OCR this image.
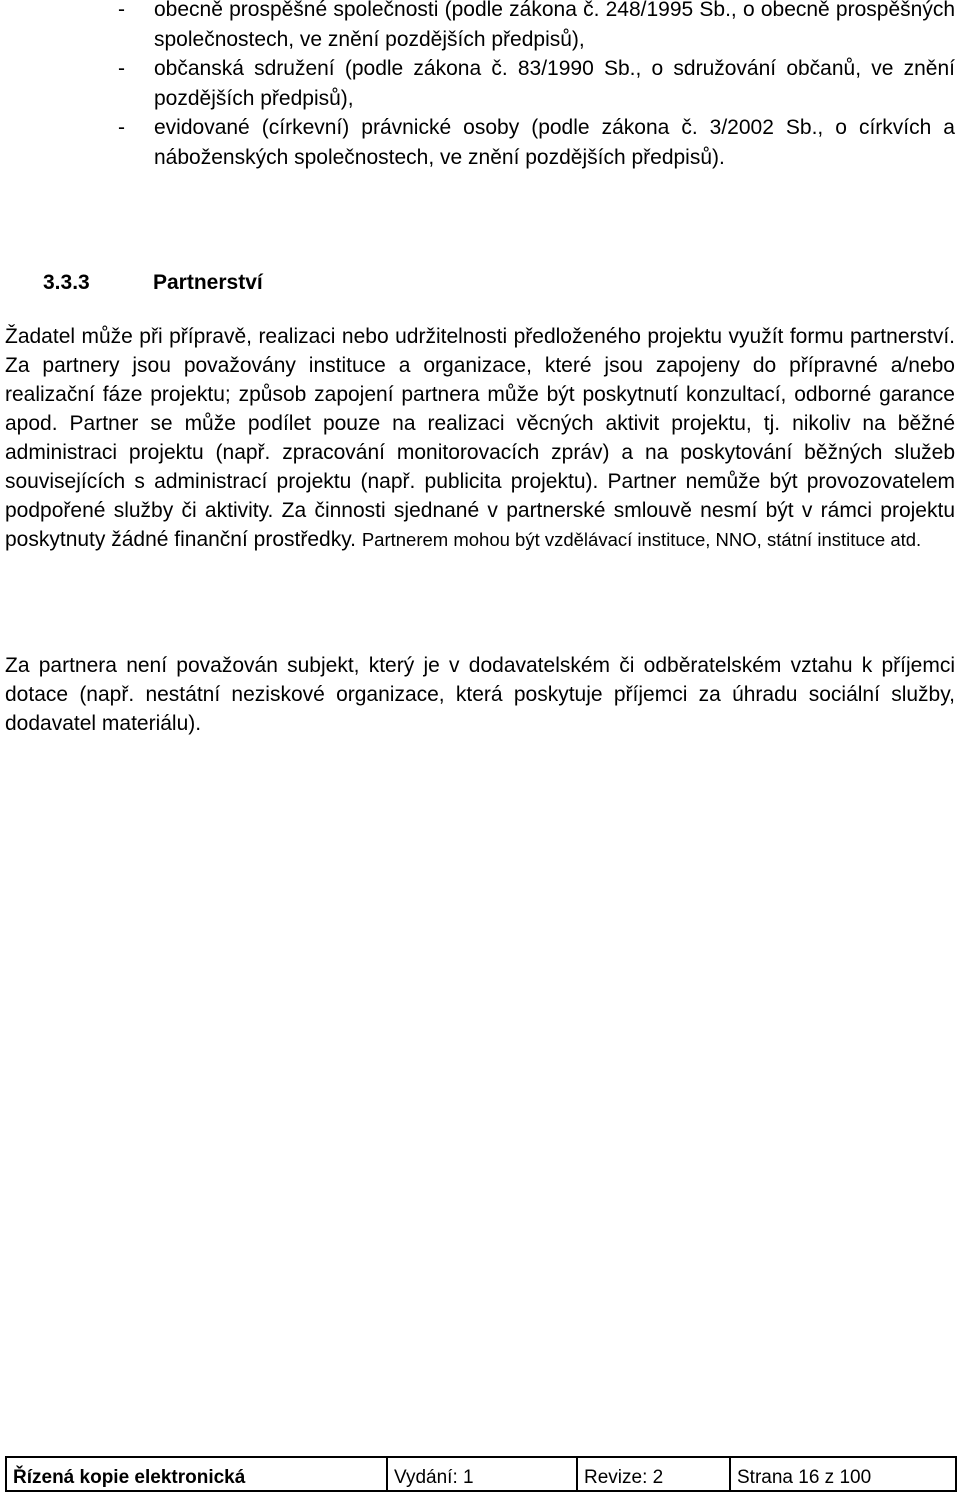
- obecně prospěšné společnosti (podle zákona č. 248/1995 Sb., o obecně prospěšných společnostech, ve znění pozdějších předpisů),
- občanská sdružení (podle zákona č. 83/1990 Sb., o sdružování občanů, ve znění pozdějších předpisů),
- evidované (církevní) právnické osoby (podle zákona č. 3/2002 Sb., o církvích a náboženských společnostech, ve znění pozdějších předpisů).
3.3.3	Partnerství

Žadatel může při přípravě, realizaci nebo udržitelnosti předloženého projektu využít formu partnerství. Za partnery jsou považovány instituce a organizace, které jsou zapojeny do přípravné a/nebo realizační fáze projektu; způsob zapojení partnera může být poskytnutí konzultací, odborné garance apod. Partner se může podílet pouze na realizaci věcných aktivit projektu, tj. nikoliv na běžné administraci projektu (např. zpracování monitorovacích zpráv) a na poskytování běžných služeb souvisejících s administrací projektu (např. publicita projektu). Partner nemůže být provozovatelem podpořené služby či aktivity. Za činnosti sjednané v partnerské smlouvě nesmí být v rámci projektu poskytnuty žádné finanční prostředky. Partnerem mohou být vzdělávací instituce, NNO, státní instituce atd.

Za partnera není považován subjekt, který je v dodavatelském či odběratelském vztahu k příjemci dotace (např. nestátní neziskové organizace, která poskytuje příjemci za úhradu sociální služby, dodavatel materiálu).

Řízená kopie elektronická	Vydání: 1	Revize: 2	Strana 16 z 100
